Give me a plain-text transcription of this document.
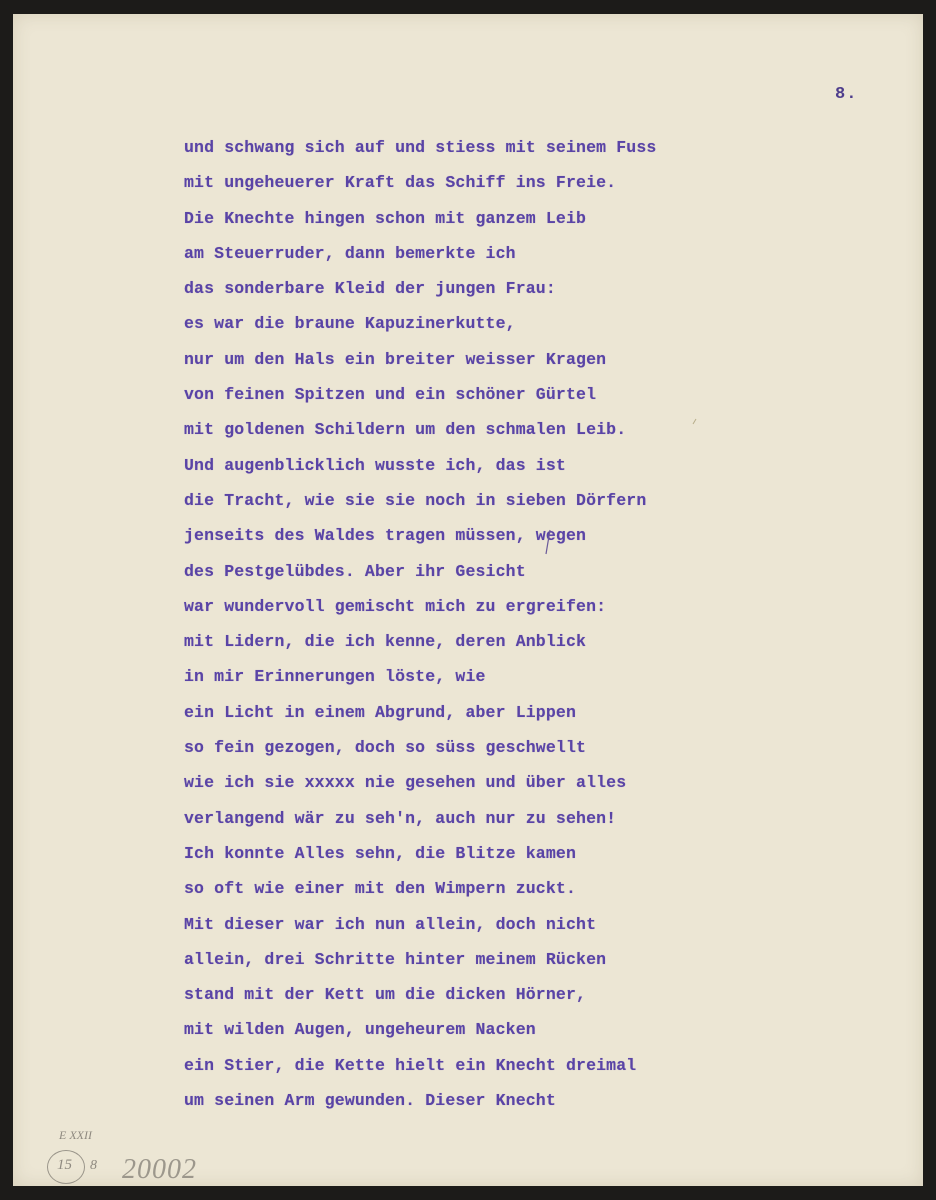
8.
und schwang sich auf und stiess mit seinem Fuss
mit ungeheuerer Kraft das Schiff ins Freie.
Die Knechte hingen schon mit ganzem Leib
am Steuerruder, dann bemerkte ich
das sonderbare Kleid der jungen Frau:
es war die braune Kapuzinerkutte,
nur um den Hals ein breiter weisser Kragen
von feinen Spitzen und ein schöner Gürtel
mit goldenen Schildern um den schmalen Leib.
Und augenblicklich wusste ich, das ist
die Tracht, wie sie sie noch in sieben Dörfern
jenseits des Waldes tragen müssen, wegen
des Pestgelübdes. Aber ihr Gesicht
war wundervoll gemischt mich zu ergreifen:
mit Lidern, die ich kenne, deren Anblick
in mir Erinnerungen löste, wie
ein Licht in einem Abgrund, aber Lippen
so fein gezogen, doch so süss geschwellt
wie ich sie xxxxx nie gesehen und über alles
verlangend wär zu seh'n, auch nur zu sehen!
Ich konnte Alles sehn, die Blitze kamen
so oft wie einer mit den Wimpern zuckt.
Mit dieser war ich nun allein, doch nicht
allein, drei Schritte hinter meinem Rücken
stand mit der Kett um die dicken Hörner,
mit wilden Augen, ungeheurem Nacken
ein Stier, die Kette hielt ein Knecht dreimal
um seinen Arm gewunden. Dieser Knecht
E XXII
15 8 20002
